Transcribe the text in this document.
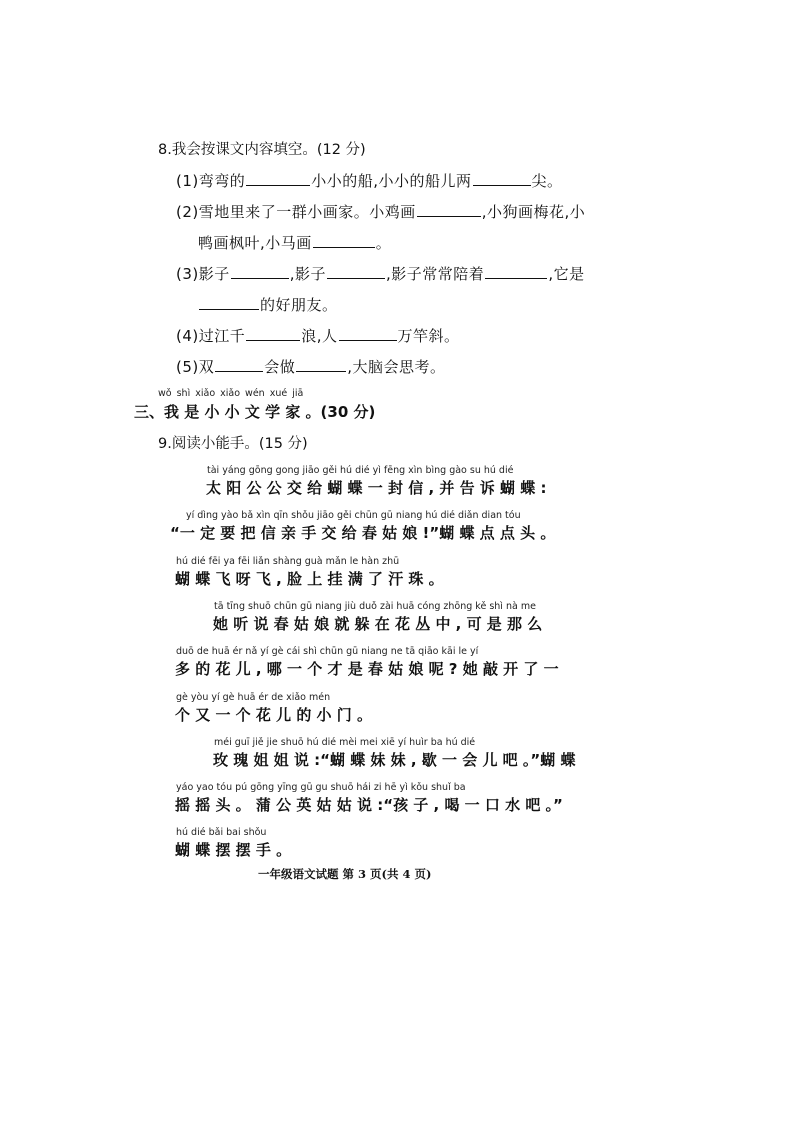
8.我会按课文内容填空。(12 分)
(1)弯弯的	小小的船,小小的船儿两	尖。
(2)雪地里来了一群小画家。小鸡画	,小狗画梅花,小
鸭画枫叶,小马画	。
(3)影子	,影子	,影子常常陪着	,它是
的好朋友。
(4)过江千	浪,人	万竿斜。
(5)双	会做	,大脑会思考。
wǒ shì xiǎo xiǎo wén xué jiā
三、我 是 小 小 文 学 家 。(30 分)
9.阅读小能手。(15 分)
tài yáng gōng gong jiāo gěi hú dié yì fēng xìn bìng gào su hú dié
太 阳 公 公 交 给 蝴 蝶 一 封 信 , 并 告 诉 蝴 蝶 :
yí dìng yào bǎ xìn qīn shǒu jiāo gěi chūn gū niang hú dié diǎn dian tóu
“一 定 要 把 信 亲 手 交 给 春 姑 娘 !”蝴 蝶 点 点 头 。
hú dié fēi ya fēi liǎn shàng guà mǎn le hàn zhū
蝴 蝶 飞 呀 飞 , 脸 上 挂 满 了 汗 珠 。
tā tīng shuō chūn gū niang jiù duǒ zài huā cóng zhōng kě shì nà me
她 听 说 春 姑 娘 就 躲 在 花 丛 中 , 可 是 那 么
duō de huā ér nǎ yí gè cái shì chūn gū niang ne tā qiāo kāi le yí
多 的 花 儿 , 哪 一 个 才 是 春 姑 娘 呢 ? 她 敲 开 了 一
gè yòu yí gè huā ér de xiǎo mén
个 又 一 个 花 儿 的 小 门 。
méi guī jiě jie shuō hú dié mèi mei xiē yí huìr ba hú dié
玫 瑰 姐 姐 说 :“蝴 蝶 妹 妹 , 歇 一 会 儿 吧 。”蝴 蝶
yáo yao tóu pú gōng yīng gū gu shuō hái zi hē yì kǒu shuǐ ba
摇 摇 头 。 蒲 公 英 姑 姑 说 :“孩 子 , 喝 一 口 水 吧 。”
hú dié bǎi bai shǒu
蝴 蝶 摆 摆 手 。
一年级语文试题 第 3 页(共 4 页)
